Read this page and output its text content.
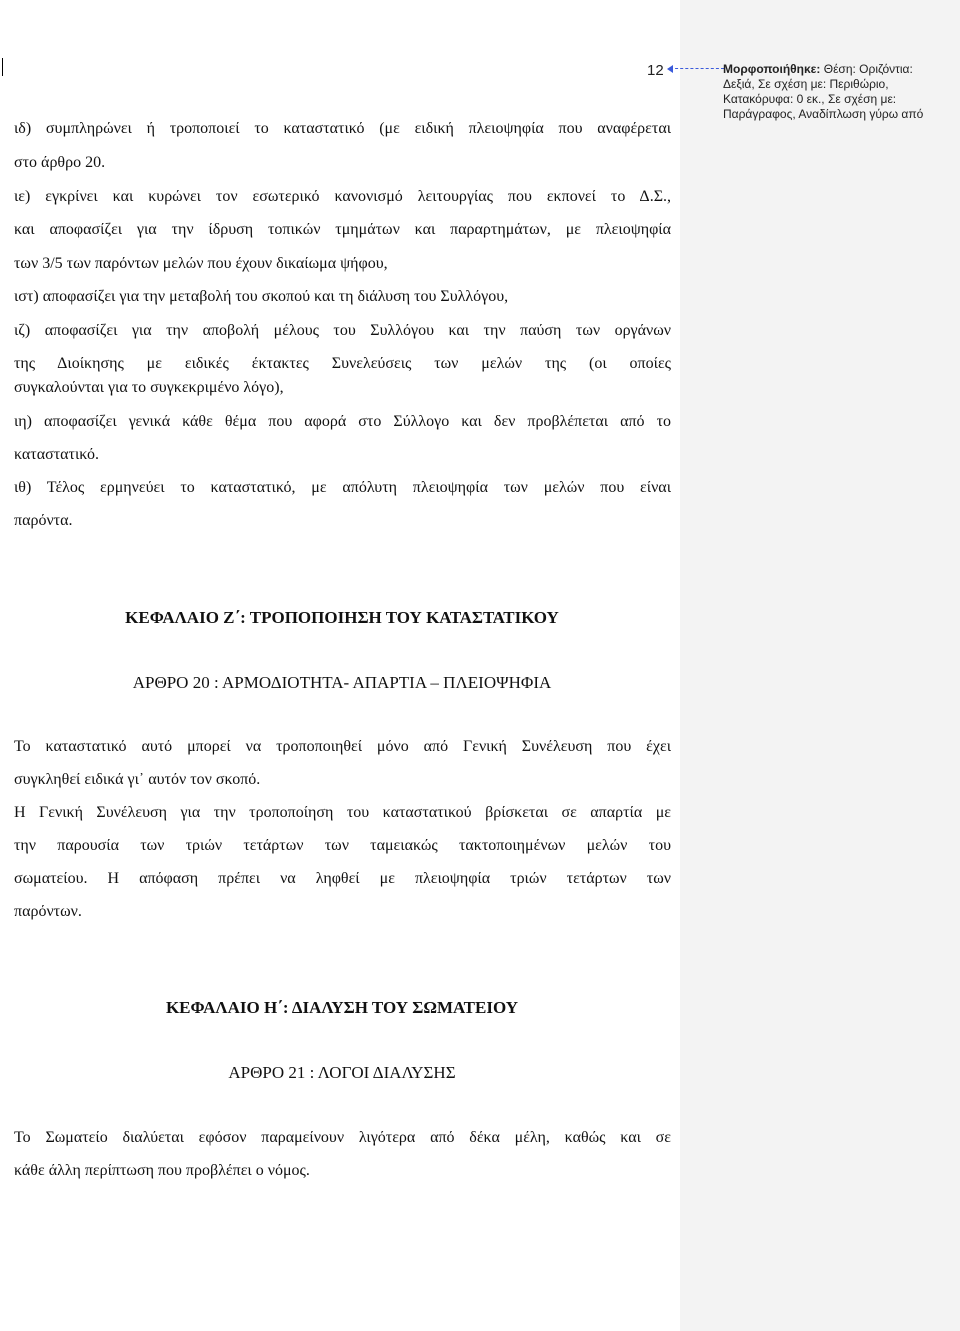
ιδ) συμπληρώνει ή τροποποιεί το καταστατικό (με ειδική πλειοψηφία που αναφέρεται
στο άρθρο 20.
ιε) εγκρίνει και κυρώνει τον εσωτερικό κανονισμό λειτουργίας που εκπονεί το Δ.Σ.,
και αποφασίζει για την ίδρυση τοπικών τμημάτων και παραρτημάτων, με πλειοψηφία
των 3/5 των παρόντων μελών που έχουν δικαίωμα ψήφου,
ιστ) αποφασίζει για την μεταβολή του σκοπού και τη διάλυση του Συλλόγου,
ιζ) αποφασίζει για την αποβολή μέλους του Συλλόγου και την παύση των οργάνων
της Διοίκησης με ειδικές έκτακτες Συνελεύσεις των μελών της (οι οποίες
συγκαλούνται για το συγκεκριμένο λόγο),
ιη) αποφασίζει γενικά κάθε θέμα που αφορά στο Σύλλογο και δεν προβλέπεται από το
καταστατικό.
ιθ) Τέλος ερμηνεύει το καταστατικό, με απόλυτη πλειοψηφία των μελών που είναι
παρόντα.
ΚΕΦΑΛΑΙΟ Ζ΄: ΤΡΟΠΟΠΟΙΗΣΗ ΤΟΥ ΚΑΤΑΣΤΑΤΙΚΟΥ
ΑΡΘΡΟ 20 : ΑΡΜΟΔΙΟΤΗΤΑ- ΑΠΑΡΤΙΑ – ΠΛΕΙΟΨΗΦΙΑ
Το καταστατικό αυτό μπορεί να τροποποιηθεί μόνο από Γενική Συνέλευση που έχει
συγκληθεί ειδικά γι᾽ αυτόν τον σκοπό.
Η Γενική Συνέλευση για την τροποποίηση του καταστατικού βρίσκεται σε απαρτία με
την παρουσία των τριών τετάρτων των ταμειακώς τακτοποιημένων μελών του
σωματείου. Η απόφαση πρέπει να ληφθεί με πλειοψηφία τριών τετάρτων των
παρόντων.
ΚΕΦΑΛΑΙΟ Η΄: ΔΙΑΛΥΣΗ ΤΟΥ ΣΩΜΑΤΕΙΟΥ
ΑΡΘΡΟ 21 : ΛΟΓΟΙ ΔΙΑΛΥΣΗΣ
Το Σωματείο διαλύεται εφόσον παραμείνουν λιγότερα από δέκα μέλη, καθώς και σε
κάθε άλλη περίπτωση που προβλέπει ο νόμος.
12	Μορφοποιήθηκε: Θέση: Οριζόντια:
Δεξιά, Σε σχέση με: Περιθώριο,
Κατακόρυφα: 0 εκ., Σε σχέση με:
Παράγραφος, Αναδίπλωση γύρω από
